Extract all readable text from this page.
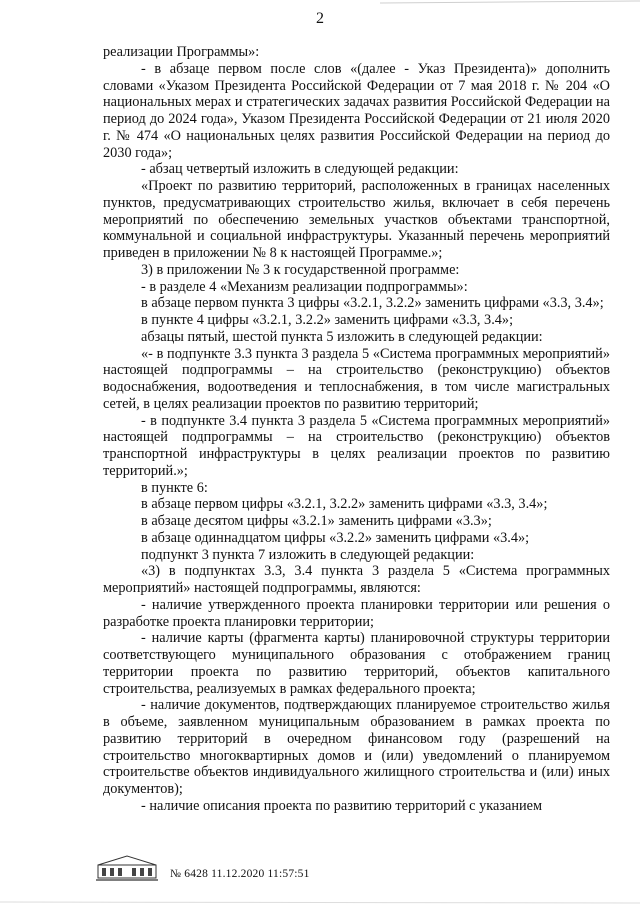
2

реализации Программы»:

- в абзаце первом после слов «(далее - Указ Президента)» дополнить словами «Указом Президента Российской Федерации от 7 мая 2018 г. № 204 «О национальных мерах и стратегических задачах развития Российской Федерации на период до 2024 года», Указом Президента Российской Федерации от 21 июля 2020 г. № 474 «О национальных целях развития Российской Федерации на период до 2030 года»;

- абзац четвертый изложить в следующей редакции:

«Проект по развитию территорий, расположенных в границах населенных пунктов, предусматривающих строительство жилья, включает в себя перечень мероприятий по обеспечению земельных участков объектами транспортной, коммунальной и социальной инфраструктуры. Указанный перечень мероприятий приведен в приложении № 8 к настоящей Программе.»;

3) в приложении № 3 к государственной программе:

- в разделе 4 «Механизм реализации подпрограммы»:

в абзаце первом пункта 3 цифры «3.2.1, 3.2.2» заменить цифрами «3.3, 3.4»;

в пункте 4 цифры «3.2.1, 3.2.2» заменить цифрами «3.3, 3.4»;

абзацы пятый, шестой пункта 5 изложить в следующей редакции:

«- в подпункте 3.3 пункта 3 раздела 5 «Система программных мероприятий» настоящей подпрограммы – на строительство (реконструкцию) объектов водоснабжения, водоотведения и теплоснабжения, в том числе магистральных сетей, в целях реализации проектов по развитию территорий;

- в подпункте 3.4 пункта 3 раздела 5 «Система программных мероприятий» настоящей подпрограммы – на строительство (реконструкцию) объектов транспортной инфраструктуры в целях реализации проектов по развитию территорий.»;

в пункте 6:

в абзаце первом цифры «3.2.1, 3.2.2» заменить цифрами «3.3, 3.4»;

в абзаце десятом цифры «3.2.1» заменить цифрами «3.3»;

в абзаце одиннадцатом цифры «3.2.2» заменить цифрами «3.4»;

подпункт 3 пункта 7 изложить в следующей редакции:

«3) в подпунктах 3.3, 3.4 пункта 3 раздела 5 «Система программных мероприятий» настоящей подпрограммы, являются:

- наличие утвержденного проекта планировки территории или решения о разработке проекта планировки территории;

- наличие карты (фрагмента карты) планировочной структуры территории соответствующего муниципального образования с отображением границ территории проекта по развитию территорий, объектов капитального строительства, реализуемых в рамках федерального проекта;

- наличие документов, подтверждающих планируемое строительство жилья в объеме, заявленном муниципальным образованием в рамках проекта по развитию территорий в очередном финансовом году (разрешений на строительство многоквартирных домов и (или) уведомлений о планируемом строительстве объектов индивидуального жилищного строительства и (или) иных документов);

- наличие описания проекта по развитию территорий с указанием

№ 6428 11.12.2020 11:57:51
